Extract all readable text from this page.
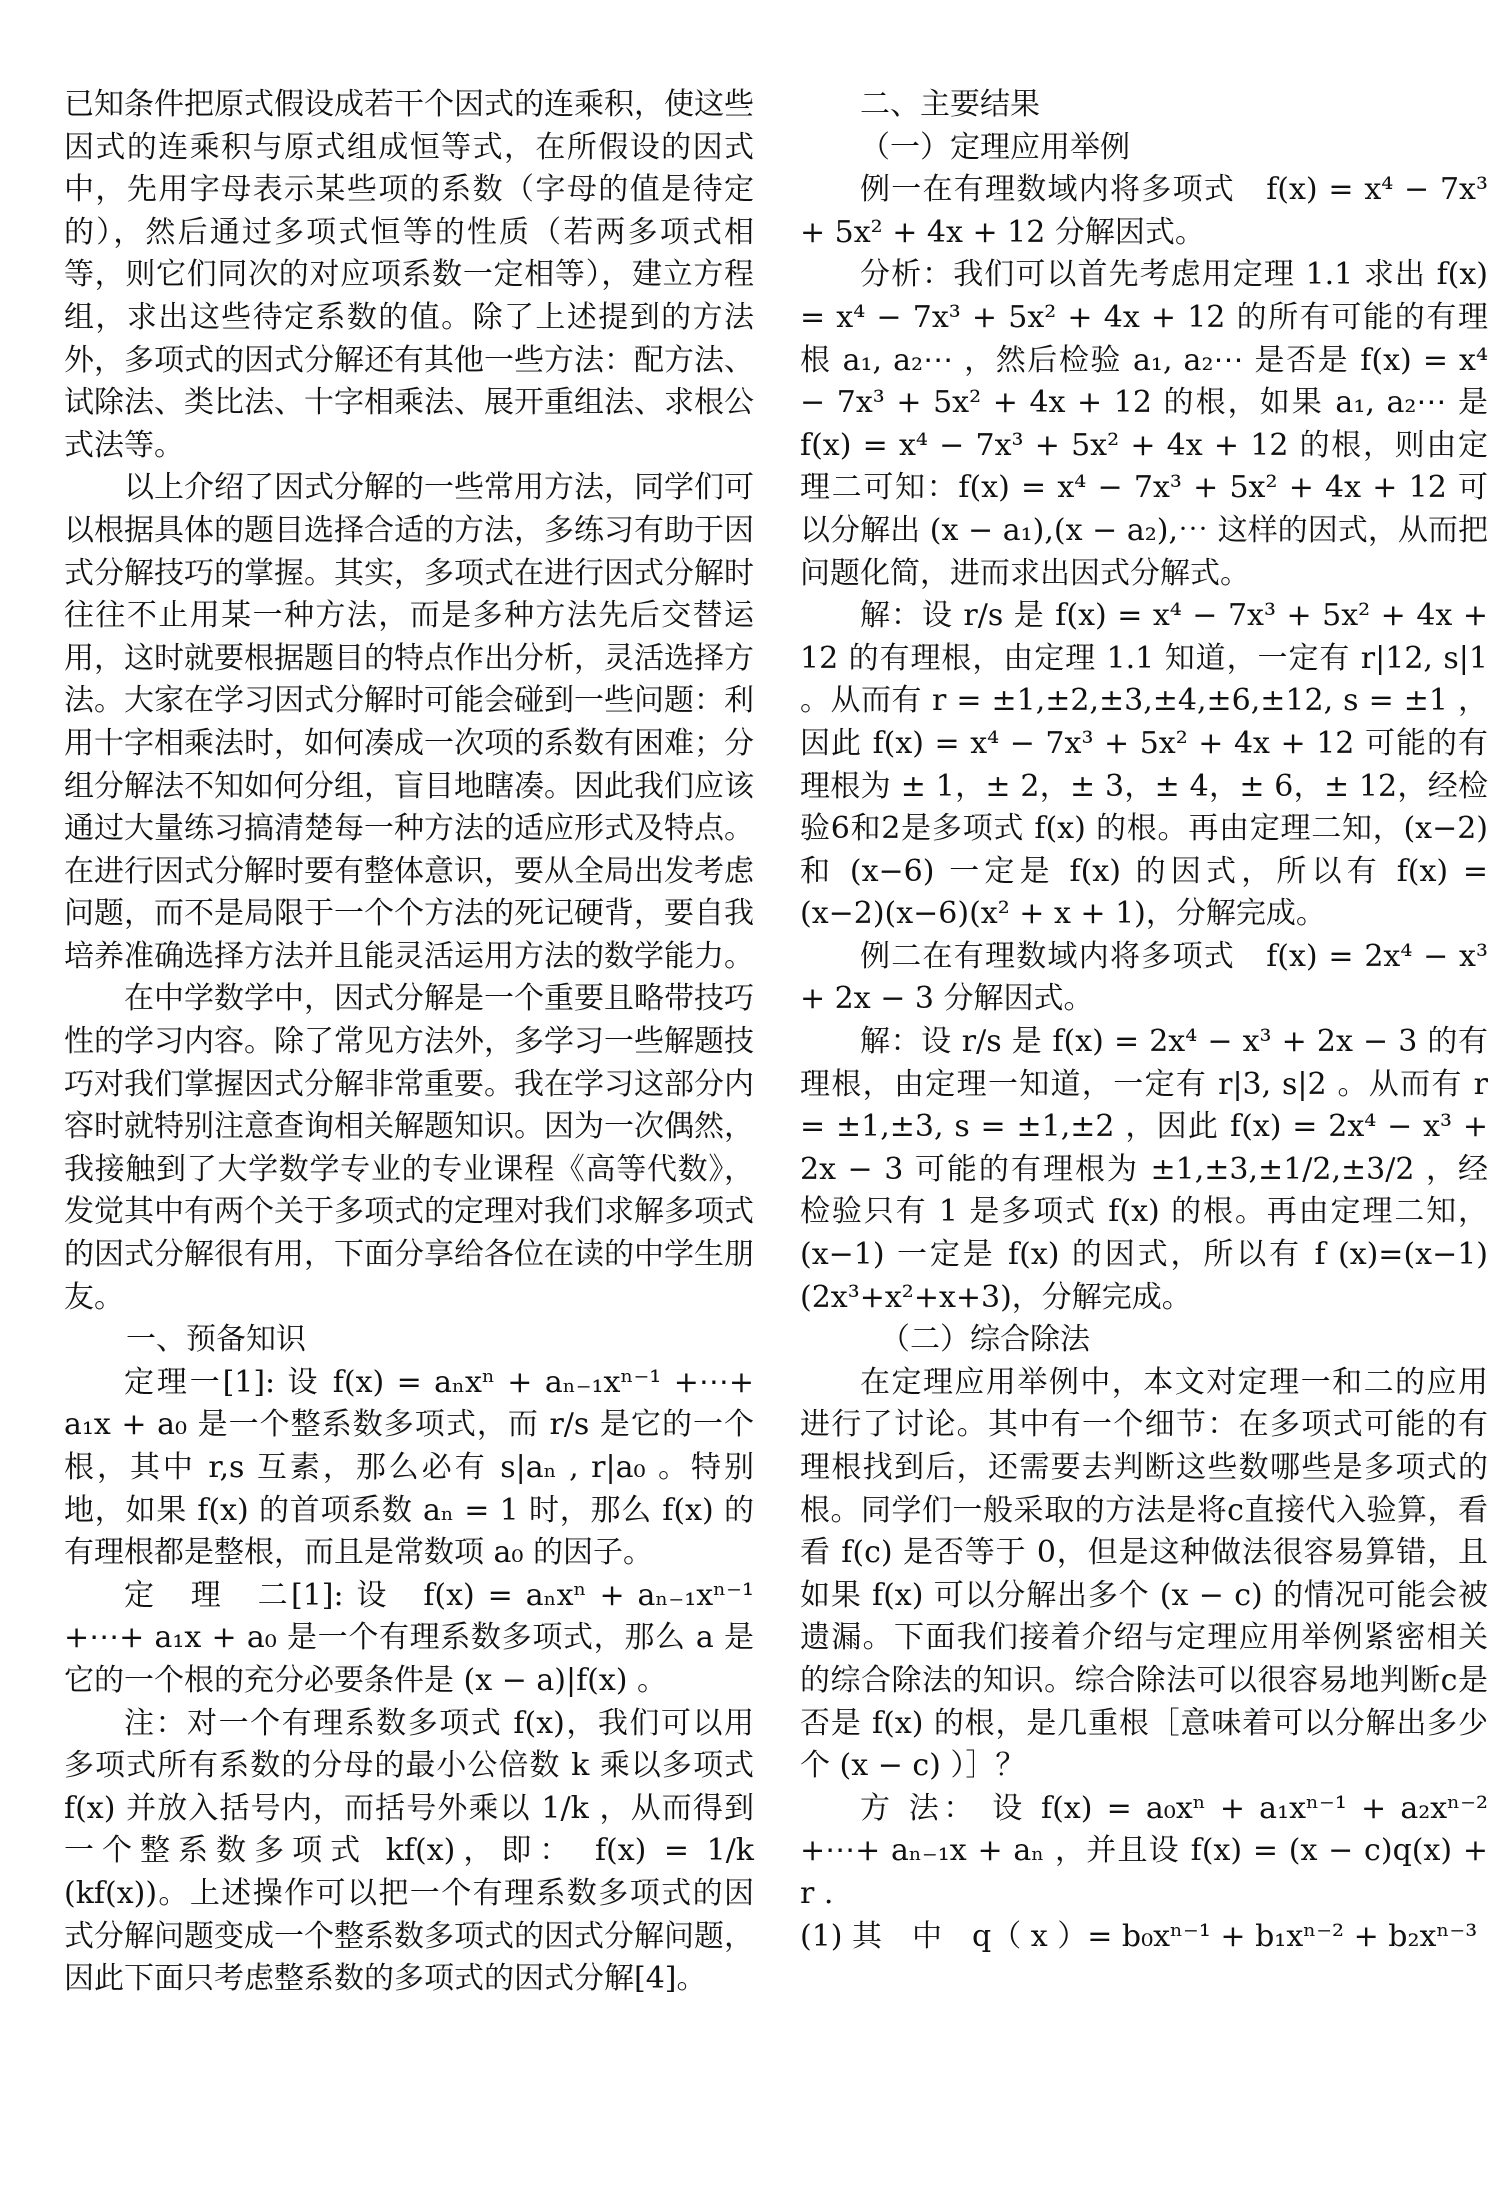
已知条件把原式假设成若干个因式的连乘积，使这些因式的连乘积与原式组成恒等式，在所假设的因式中，先用字母表示某些项的系数（字母的值是待定的），然后通过多项式恒等的性质（若两多项式相等，则它们同次的对应项系数一定相等），建立方程组，求出这些待定系数的值。除了上述提到的方法外，多项式的因式分解还有其他一些方法：配方法、试除法、类比法、十字相乘法、展开重组法、求根公式法等。

以上介绍了因式分解的一些常用方法，同学们可以根据具体的题目选择合适的方法，多练习有助于因式分解技巧的掌握。其实，多项式在进行因式分解时往往不止用某一种方法，而是多种方法先后交替运用，这时就要根据题目的特点作出分析，灵活选择方法。大家在学习因式分解时可能会碰到一些问题：利用十字相乘法时，如何凑成一次项的系数有困难；分组分解法不知如何分组，盲目地瞎凑。因此我们应该通过大量练习搞清楚每一种方法的适应形式及特点。在进行因式分解时要有整体意识，要从全局出发考虑问题，而不是局限于一个个方法的死记硬背，要自我培养准确选择方法并且能灵活运用方法的数学能力。

在中学数学中，因式分解是一个重要且略带技巧性的学习内容。除了常见方法外，多学习一些解题技巧对我们掌握因式分解非常重要。我在学习这部分内容时就特别注意查询相关解题知识。因为一次偶然，我接触到了大学数学专业的专业课程《高等代数》，发觉其中有两个关于多项式的定理对我们求解多项式的因式分解很有用，下面分享给各位在读的中学生朋友。

一、预备知识

定理一[1]: 设 f(x) = aₙxⁿ + aₙ₋₁xⁿ⁻¹ +⋯+ a₁x + a₀ 是一个整系数多项式，而 r/s 是它的一个根，其中 r,s 互素，那么必有 s|aₙ , r|a₀ 。特别地，如果 f(x) 的首项系数 aₙ = 1 时，那么 f(x) 的有理根都是整根，而且是常数项 a₀ 的因子。

定　理　二[1]: 设　f(x) = aₙxⁿ + aₙ₋₁xⁿ⁻¹ +⋯+ a₁x + a₀ 是一个有理系数多项式，那么 a 是它的一个根的充分必要条件是 (x − a)|f(x) 。

注：对一个有理系数多项式 f(x)，我们可以用多项式所有系数的分母的最小公倍数 k 乘以多项式 f(x) 并放入括号内，而括号外乘以 1/k ，从而得到一个整系数多项式 kf(x)，即： f(x) = 1/k (kf(x))。上述操作可以把一个有理系数多项式的因式分解问题变成一个整系数多项式的因式分解问题，因此下面只考虑整系数的多项式的因式分解[4]。

二、主要结果

（一）定理应用举例

例一在有理数域内将多项式　f(x) = x⁴ − 7x³ + 5x² + 4x + 12 分解因式。

分析：我们可以首先考虑用定理 1.1 求出 f(x) = x⁴ − 7x³ + 5x² + 4x + 12 的所有可能的有理根 a₁, a₂⋯ ，然后检验 a₁, a₂⋯ 是否是 f(x) = x⁴ − 7x³ + 5x² + 4x + 12 的根，如果 a₁, a₂⋯ 是 f(x) = x⁴ − 7x³ + 5x² + 4x + 12 的根，则由定理二可知：f(x) = x⁴ − 7x³ + 5x² + 4x + 12 可以分解出 (x − a₁),(x − a₂),⋯ 这样的因式，从而把问题化简，进而求出因式分解式。

解：设 r/s 是 f(x) = x⁴ − 7x³ + 5x² + 4x + 12 的有理根，由定理 1.1 知道，一定有 r|12, s|1 。从而有 r = ±1,±2,±3,±4,±6,±12, s = ±1 ，因此 f(x) = x⁴ − 7x³ + 5x² + 4x + 12 可能的有理根为 ± 1，± 2，± 3，± 4，± 6，± 12，经检验6和2是多项式 f(x) 的根。再由定理二知，(x−2) 和 (x−6) 一定是 f(x) 的因式，所以有 f(x) = (x−2)(x−6)(x² + x + 1)，分解完成。

例二在有理数域内将多项式　f(x) = 2x⁴ − x³ + 2x − 3 分解因式。

解：设 r/s 是 f(x) = 2x⁴ − x³ + 2x − 3 的有理根，由定理一知道，一定有 r|3, s|2 。从而有 r = ±1,±3, s = ±1,±2 ，因此 f(x) = 2x⁴ − x³ + 2x − 3 可能的有理根为 ±1,±3,±1/2,±3/2 ，经检验只有 1 是多项式 f(x) 的根。再由定理二知，(x−1) 一定是 f(x) 的因式，所以有 f (x)=(x−1)(2x³+x²+x+3)，分解完成。

（二）综合除法

在定理应用举例中，本文对定理一和二的应用进行了讨论。其中有一个细节：在多项式可能的有理根找到后，还需要去判断这些数哪些是多项式的根。同学们一般采取的方法是将c直接代入验算，看看 f(c) 是否等于 0，但是这种做法很容易算错，且如果 f(x) 可以分解出多个 (x − c) 的情况可能会被遗漏。下面我们接着介绍与定理应用举例紧密相关的综合除法的知识。综合除法可以很容易地判断c是否是 f(x) 的根，是几重根［意味着可以分解出多少个 (x − c) ）］？

方 法： 设 f(x) = a₀xⁿ + a₁xⁿ⁻¹ + a₂xⁿ⁻² +⋯+ aₙ₋₁x + aₙ ，并且设 f(x) = (x − c)q(x) + r .

(1) 其　中　q（ x ）= b₀xⁿ⁻¹ + b₁xⁿ⁻² + b₂xⁿ⁻³
